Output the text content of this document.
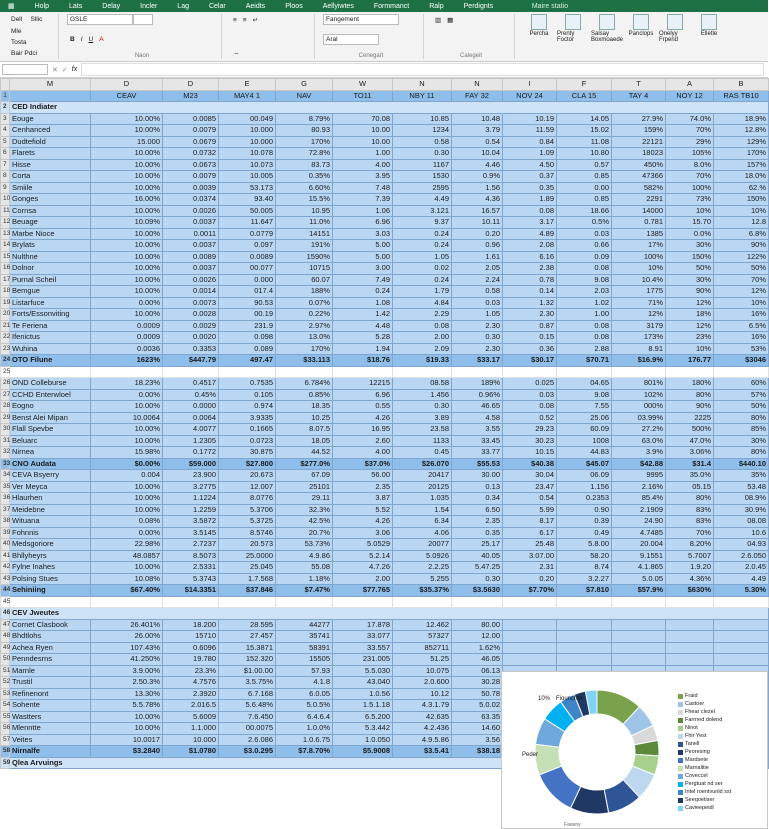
▦	Holp	Lats	Delay	Incler	Lag	Celar	Aeidts	Ploos	Aellyiwtes	Formmanct	Ralp	Perdignts	Maire statio
Dell Sllic
Mle
TostaBair Pdci
GSLE
B I U A
Naon
≡ ≡ ↵
⇔
Fangement
Aral
Cenegart
▥ ▦
Calegeit
Percha Prenty Foctor
Salsay Boxmoaede
Panclops Onelyy Frpend
Elletle
✕ ✓ fx
	M	D	D	E	G	W	N	N	I	F	T	A	B
1		CEAV	M23	MAY4 1	NAV	TO11	NBY 11	FAY 32	NOV 24	CLA 15	TAY 4	NOY 12	RAS TB10
2	CED Indiater												
3	Eouge	10.00%	0.0085	00.049	8.79%	70.08	10.85	10.48	10.19	14.05	27.9%	74.0%	18.9%
4	Cenhanced	10.00%	0.0079	10.000	80.93	10.00	1234	3.79	11.59	15.02	159%	70%	12.8%
5	Dudtefiold	15.000	0.0679	10.000	170%	10.00	0.58	0.54	0.84	11.08	22121	29%	129%
6	Flarets	10.00%	0.0732	10.078	72.8%	1.00	0.30	10.04	1.09	10.80	18023	105%	170%
7	Hisse	10.00%	0.0673	10.073	83.73	4.00	1167	4.46	4.50	0.57	450%	8.0%	157%
8	Corta	10.00%	0.0079	10.005	0.35%	3.95	1530	0.9%	0.37	0.85	47366	70%	18.0%
9	Smiile	10.00%	0.0039	53.173	6.60%	7.48	2595	1.56	0.35	0.00	582%	100%	62.%
10	Gonges	16.00%	0.0374	93.40	15.5%	7.39	4.49	4.36	1.89	0.85	2291	73%	150%
11	Cornsa	10.00%	0.0026	50.005	10.95	1.06	3.121	16.57	0.08	18.66	14000	10%	10%
12	Beuage	10.09%	0.0037	11.647	11.0%	6.96	9.37	10.11	3.17	0.5%	0.781	15.70	12.8
13	Marbe Nioce	10.00%	0.0011	0.0779	14151	3.03	0.24	0.20	4.89	0.03	1385	0.0%	6.8%
14	Brylats	10.00%	0.0037	0.097	191%	5.00	0.24	0.96	2.08	0.66	17%	30%	90%
15	Nulthne	10.00%	0.0089	0.0089	1590%	5.00	1.05	1.61	6.16	0.09	100%	150%	122%
16	Dolnor	10.00%	0.0037	00.077	10715	3.00	0.02	2.05	2.38	0.08	10%	50%	50%
17	Purnal Scheil	10.00%	0.0026	0.000	60.07	7.49	0.24	2.24	0.78	9.08	10.4%	30%	70%
18	Bemgue	10.00%	0.0014	017.4	188%	0.24	1.79	0.58	0.14	2.03	1775	90%	12%
19	Listarfuce	0.00%	0.0073	90.53	0.07%	1.08	4.84	0.03	1.32	1.02	71%	12%	10%
20	Forts/Essonviting	10.00%	0.0028	00.19	0.22%	1.42	2.29	1.05	2.30	1.00	12%	18%	16%
21	Te Feriena	0.0009	0.0029	231.9	2.97%	4.48	0.08	2.30	0.87	0.08	3179	12%	6.5%
22	Ifenictus	0.0009	0.0020	0.098	13.0%	5.28	2.00	0.30	0.15	0.08	173%	23%	16%
23	Wuhina	0.0036	0.3353	0.089	170%	1.94	2.09	2.30	0.36	2.88	8.91	10%	53%
24	OTO Filune	1623%	$447.79	497.47	$33.113	$18.76	$19.33	$33.17	$30.17	$70.71	$16.9%	176.77	$3046
25													
26	OND Colleburse	18.23%	0.4517	0.7535	6.784%	12215	08.58	189%	0.025	04.65	801%	180%	60%
27	CCHD Enterwloel	0.00%	0.45%	0.105	0.85%	6.96	1.456	0.96%	0.03	9.08	102%	80%	57%
28	Eogno	10.00%	0.0000	0.974	18.35	0.55	0.30	46.65	0.08	7.55	000%	90%	50%
29	Benst Alei Mipan	10.0064	0.0064	3.9335	10.25	4.26	3.89	4.58	0.52	25.06	03.99%	2225	80%
30	Flall Spevbe	10.00%	4.0077	0.1665	8.07.5	16.95	23.58	3.55	29.23	60.09	27.2%	500%	85%
31	Beluarc	10.00%	1.2305	0.0723	18.05	2.60	1133	33.45	30.23	1008	63.0%	47.0%	30%
32	Nirnea	15.98%	0.1772	30.875	44.52	4.00	0.45	33.77	10.15	44.83	3.9%	3.06%	80%
33	CNO Audata	$0.00%	$59.000	$27.800	$277.0%	$37.0%	$26.070	$55.53	$40.38	$45.07	$42.88	$31.4	$440.10
34	CEVA Bsyerry	0.004	23.900	20.673	67.09	56.00	20417	30.00	30.04	06.09	9995	35.0%	35%
35	Ver Meyca	10.00%	3.2775	12.007	25101	2.35	20125	0.13	23.47	1.156	2.16%	05.15	53.48
36	Hlaurhen	10.00%	1.1224	8.0776	29.11	3.87	1.035	0.34	0.54	0.2353	85.4%	80%	08.9%
37	Meidebne	10.00%	1.2259	5.3706	32.3%	5.52	1.54	6.50	5.99	0.90	2.1909	83%	30.9%
38	Wituana	0.08%	3.5872	5.3725	42.5%	4.26	6.34	2.35	8.17	0.39	24.90	83%	08.08
39	Fohnnis	0.00%	3.5145	8.5746	20.7%	3.06	4.06	0.35	6.17	0.49	4.7485	70%	10.6
40	Medsgoriore	22.98%	2.7237	20.573	53.73%	5.0529	20077	25.17	25.48	5.8.00	20.004	8.20%	04.93
41	Bhllyheyrs	48.0857	8.5073	25.0000	4.9.86	5.2.14	5.0926	40.05	3.07.00	58.20	9.1551	5.7007	2.6.050
42	Fylne Inahes	10.00%	2.5331	25.045	55.08	4.7.26	2.2.25	5.47.25	2.31	8.74	4.1.865	1.9.20	2.0.45
43	Polsing Stues	10.08%	5.3743	1.7.568	1.18%	2.00	5.255	0.30	0.20	3.2.27	5.0.05	4.36%	4.49
44	Sehiniing	$67.40%	$14.3351	$37.846	$7.47%	$77.765	$35.37%	$3.5630	$7.70%	$7.810	$57.9%	$630%	5.30%
45													
46	CEV Jweutes												
47	Cornet Clasbook	26.401%	18.200	28.595	44277	17.878	12.462	80.00					
48	Bhdtlohs	26.00%	15710	27.457	35741	33.077	57327	12.00					
49	Achea Ryen	107.43%	0.6096	15.3871	58391	33.557	852711	1.62%					
50	Penndesrns	41.250%	19.780	152.320	15505	231.005	51.25	46.05					
51	Marnle	3.9.00%	23.3%	$1.00.00	57.93	5.5.030	10.075	06.13					
52	Trustil	2.50.3%	4.7576	3.5.75%	4.1.8	43.040	2.0.600	30.28					
53	Refinenont	13.30%	2.3920	6.7.168	6.0.05	1.0.56	10.12	50.78					
54	Sohente	5.5.78%	2.016.5	5.6.48%	5.0.5%	1.5.1.18	4.3.1.79	5.0.02					
55	Wastters	10.00%	5.6009	7.6.450	6.4.6.4	6.5.200	42.635	63.35					
56	Mlenntte	10.00%	1.1.000	00.0075	1.0.0%	5.3.442	4.2.436	14.60					
57	Veites	10.0017	10.000	2.6.086	1.0.6.75	1.0.050	4.9.5.86	3.56					
58	Nirnalfe	$3.2840	$1.0780	$3.0.295	$7.8.70%	$5.9008	$3.5.41	$38.18					
59	Qlea Arvuings												
10% Fiounchm
Peder
Faeeny
Fraid
Castoer
Fhear clezel
Farrned dolend
Ninot
Fhir Yest
Tanell
Peoresing
Mardsete
Marnalitie
Coveccel
Pergtuat nd ser
Intel roentvunld sst
Seeqoetiser
Cavieepeidl
